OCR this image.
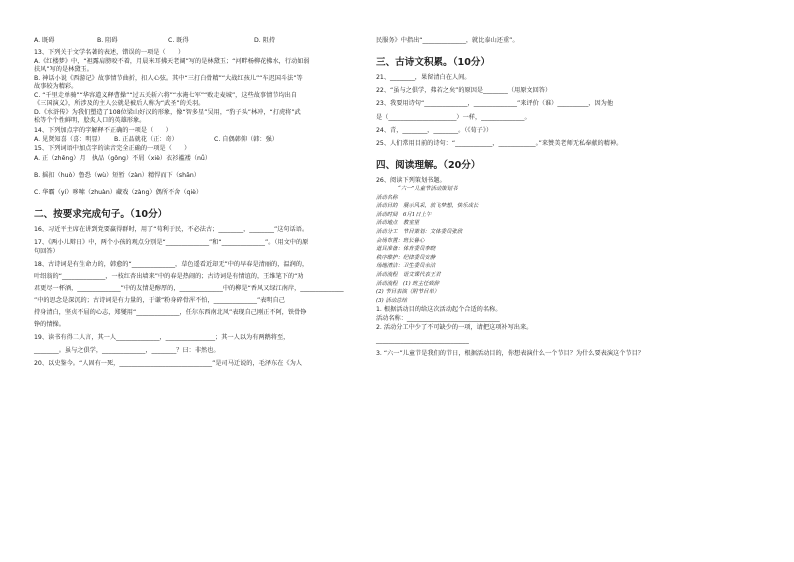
A. 既碍	B. 阻碍	C. 既得	D. 阻持
13、下列关于文学名著的表述，错误的一项是（　　）
A.《红楼梦》中，“袒露肩膀咬不着，月晨米耳拂天老阔”写的是林黛玉；“河畔杨柳花拂水，行动如弱
扶风”写的是林黛玉。
B. 神话小说《西游记》故事情节曲折，扣人心弦。其中“三打白骨精”“大战红孩儿”“车迟国斗法”等
故事较为精彩。
C. “千里走单骑”“华容道义释曹操”“过五关斩六将”“水淹七军”“败走麦城”，这些故事情节均出自
《三国演义》，所涉及的主人公就是被后人称为“武圣”的关羽。
D.《水浒传》为我们塑造了108位梁山好汉的形象，像“智多星”吴用，“豹子头”林冲，“打虎将”武
松等个个性鲜明，脍炙人口的英雄形象。
14、下列加点字的字解释不正确的一项是（　　）
A. 见贤知喜（喜：明显）	B. 正品就花（正：奇）	C. 自偶韩仰（韩：强）
15、下列词语中加点字的读音完全正确的一项是（　　）
A. 正（zhēng）月　执品（gōng）不屑（xiè）衣衫褴褛（nǚ）
B. 摇扣（huò）鲁恐（wù）短暂（zàn）精悍而下（shān）
C. 华霸（yí）哆嗦（zhuàn）藏戏（zàng）偶所不舍（qiè）
二、按要求完成句子。（10分）
16、习近平主席在讲到党要赢得群时，用了“苟利于民，不必法古；________，________”这句话语。
17、《两小儿辩日》中，两个小孩的观点分别是“______________”和“______________”。（用文中的原
句回答）
18、古诗词是有生命力的，韩愈的“______________，草色遥看近却无”中的早春是清丽的，温润的，
叶绍翁的“______________，一枝红杏出墙来”中的春是热闹的；古诗词是有情谊的，王维笔下的“劝
君更尽一杯酒，______________”中的友情是醇厚的，______________中的柳是“香风又绿江南岸，______________
”中的思念是深沉的；古诗词是有力量的，于谦“粉身碎骨浑不怕，______________”表明自己
持身清白，坚贞不屈的心志，郑燮用“______________，任尔东西南北风”表现自己刚正不阿，铁骨铮
铮的情操。
19、读书有得二人言，其一人______________，________________；其一人以为有两鹅将至，
________。虽与之俱学，______________，________？曰：非然也。
20、以史鉴今。“人固有一死，______________________________”是司马迁说的，毛泽东在《为人
民服务》中指出“______________，就比泰山还重”。
三、古诗文积累。（10分）
21、________，果留清白在人间。
22、“虽与之俱学，弗若之矣”的原因是________（用原文回答）
23、我要用诗句“______________，______________”来评价（谁）__________，因为他
是（______________________）一样，______________。
24、青，________，________。（《荀子》）
25、人们常用目前的诗句：“____________，____________。”来赞美老师无私奉献的精神。
四、阅读理解。（20分）
26、阅读下列策划书题。
“六一”儿童节活动策划书
活动名称
活动目的　展示风采，放飞梦想，快乐成长
活动时间　6月1日上午
活动地点　教室里
活动分工　节目策划：文体委员张欣
会场布置：班长鲁心
道具准备：体育委员李晓
秩序维护：纪律委员安静
场地清洁：卫生委员余洁
活动流程　语文课代表王君
活动流程　(1) 班主任致辞
(2) 节目表演（附节目单）
(3) 活动总结
1. 根据活动目的给这次活动起个合适的名称。
活动名称：______________________________
2. 活动分工中少了不可缺少的一项，请把这项补写出来。
______________________________
3. “六一”儿童节是我们的节日，根据活动目的，你想表演什么一个节目？为什么要表演这个节目？
